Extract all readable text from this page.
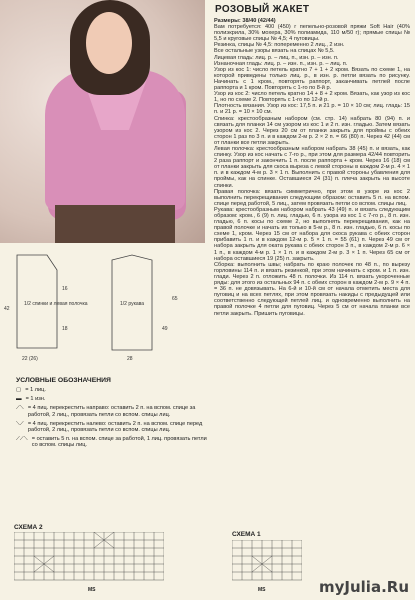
РОЗОВЫЙ ЖАКЕТ

Размеры: 38/40 (42/44)

Вам потребуется: 400 (450) г пепельно-розовой пряжи Soft Hair (40% полиэкрила, 30% мохера, 30% полиамида, 110 м/50 г); прямые спицы № 5,5 и круговые спицы № 4,5; 4 пуговицы.

Резинка, спицы № 4,5: попеременно 2 лиц., 2 изн.

Все остальные узоры вязать на спицах № 5,5.

Лицевая гладь: лиц. р. – лиц. п., изн. р. – изн. п.

Изнаночная гладь: лиц. р. – изн. п., изн. р. – лиц. п.

Узор из кос 1: число петель кратно 7 + 1 + 2 кром. Вязать по схеме 1, на которой приведены только лиц. р., в изн. р. петли вязать по рисунку. Начинать с 1 кром., повторять раппорт, заканчивать петлей после раппорта и 1 кром. Повторять с 1-го по 8-й р.

Узор из кос 2: число петель кратно 14 + 8 + 2 кром. Вязать, как узор из кос 1, но по схеме 2. Повторять с 1-го по 12-й р.

Плотность вязания. Узор из кос: 17,5 п. и 21 р. = 10 × 10 см; лиц. гладь: 15 п. и 21 р. = 10 × 10 см.

Спинка: крестообразным набором (см. стр. 14) набрать 80 (94) п. и связать для планки 14 см узором из кос 1 и 2 п. изн. гладью. Затем вязать узором из кос 2. Через 20 см от планки закрыть для проймы с обеих сторон 1 раз по 3 п. и в каждом 2-м р. 2 × 2 п. = 66 (80) п. Через 42 (44) см от планки все петли закрыть.

Левая полочка: крестообразным набором набрать 38 (45) п. и вязать, как спинку. Узор из кос начать с 7-го р., при этом для размера 42/44 повторить 2 раза раппорт и закончить 1 п. после раппорта + кром. Через 16 (18) см от планки закрыть для скоса выреза с левой стороны в каждом 2-м р. 4 × 1 п. и в каждом 4-м р. 3 × 1 п. Выполнить с правой стороны убавления для проймы, как на спинке. Оставшиеся 24 (31) п. плеча закрыть на высоте спинки.

Правая полочка: вязать симметрично, при этом в узоре из кос 2 выполнить перекрещивания следующим образом: оставить 5 п. на вспом. спице перед работой, 5 лиц., затем провязать петли со вспом. спицы лиц.

Рукава: крестообразным набором набрать 43 (49) п. и вязать следующим образом: кром., 6 (9) п. лиц. гладью, 6 п. узора из кос 1 с 7-го р., 8 п. изн. гладью, 6 п. косы по схеме 2, но выполнять перекрещивания, как на правой полочке и начать их только в 5-м р., 8 п. изн. гладью, 6 п. косы по схеме 1, кром. Через 15 см от набора для скоса рукава с обеих сторон прибавить 1 п. и в каждом 12-м р. 5 × 1 п. = 55 (61) п. Через 49 см от набора закрыть для оката рукава с обеих сторон 3 п., в каждом 2-м р. 6 × 1 п., в каждом 4-м р. 1 × 1 п. и в каждом 2-м р. 3 × 1 п. Через 65 см от набора оставшиеся 19 (25) п. закрыть.

Сборка: выполнить швы; набрать по краю полочек по 48 п., по вырезу горловины 114 п. и вязать резинкой, при этом начинать с кром. и 1 п. изн. глади. Через 2 п. отложить 48 п. полочки. Из 114 п. вязать укороченные ряды: для этого из остальных 94 п. с обеих сторон в каждом 2-м р. 9 × 4 п. = 36 п. не довязывать. На 6-й и 10-й см от начала отметить места для пуговиц и на всех петлях, при этом провязать накиды с предыдущей или соответственно следующей петлей лиц. и одновременно выполнить на правой полочке 4 петли для пуговиц. Через 5 см от начала планки все петли закрыть. Пришить пуговицы.

1/2 спинки и левая полочка	1/2 рукава
42
16
18
22 (26)
65
49
28
УСЛОВНЫЕ ОБОЗНАЧЕНИЯ
▢ = 1 лиц.
▬ = 1 изн.
⟋⟍ = 4 пиц. перекрестить направо: оставить 2 п. на вспом. спице за работой, 2 лиц., провязать петли со вспом. спицы лиц.
⟍⟋ = 4 пиц. перекрестить налево: оставить 2 п. на вспом. спице перед работой, 2 лиц., провязать петли со вспом. спицы лиц.
⟋⟋⟍ = оставить 5 п. на вспом. спице за работой, 1 лиц. провязать петли со вспом. спицы лиц.
СХЕМА 2
MS
СХЕМА 1
MS	myJulia.Ru
